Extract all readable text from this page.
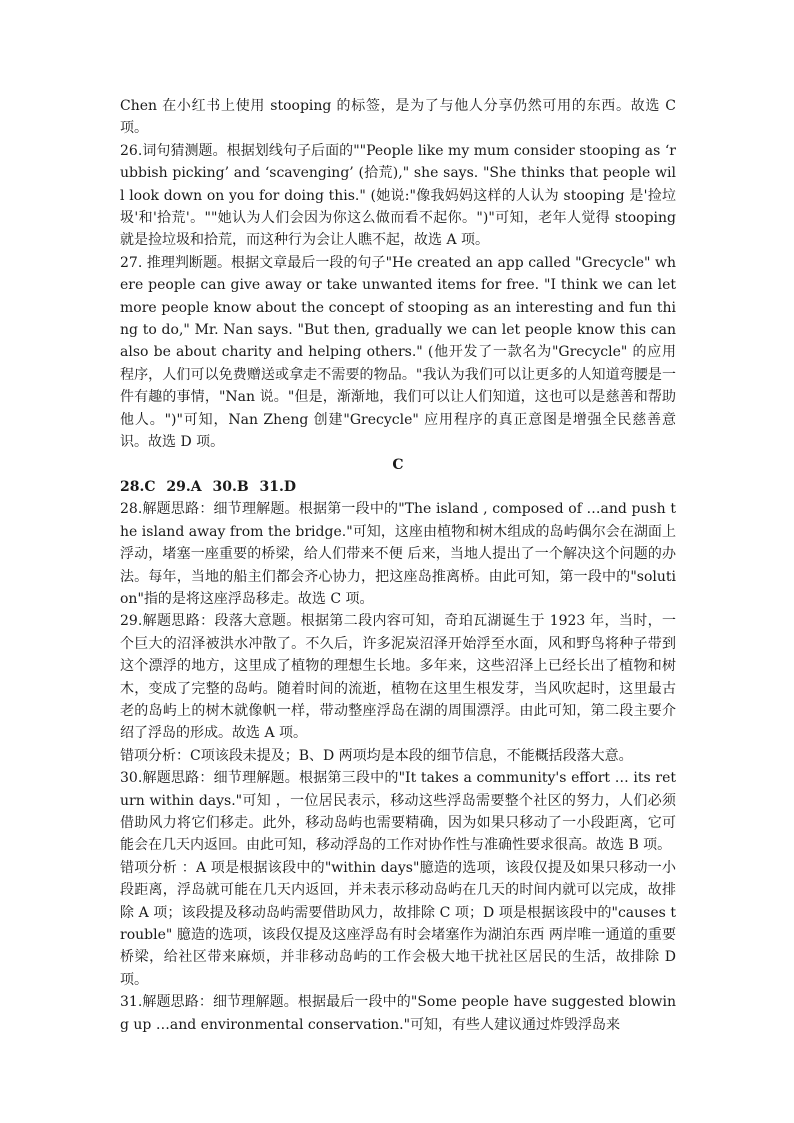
Chen 在小红书上使用 stooping 的标签，是为了与他人分享仍然可用的东西。故选 C项。

26.词句猜测题。根据划线句子后面的""People like my mum consider stooping as ‘rubbish picking’ and ‘scavenging’ (拾荒)," she says. "She thinks that people will look down on you for doing this." (她说:"像我妈妈这样的人认为 stooping 是'捡垃圾'和'拾荒'。""她认为人们会因为你这么做而看不起你。")"可知，老年人觉得 stooping 就是捡垃圾和拾荒，而这种行为会让人瞧不起，故选 A 项。

27. 推理判断题。根据文章最后一段的句子"He created an app called "Grecycle" where people can give away or take unwanted items for free. "I think we can let more people know about the concept of stooping as an interesting and fun thing to do," Mr. Nan says. "But then, gradually we can let people know this can also be about charity and helping others." (他开发了一款名为"Grecycle" 的应用程序，人们可以免费赠送或拿走不需要的物品。"我认为我们可以让更多的人知道弯腰是一件有趣的事情，"Nan 说。"但是，渐渐地，我们可以让人们知道，这也可以是慈善和帮助他人。")"可知，Nan Zheng 创建"Grecycle" 应用程序的真正意图是增强全民慈善意识。故选 D 项。

C

28.C 29.A 30.B 31.D

28.解题思路：细节理解题。根据第一段中的"The island , composed of …and push the island away from the bridge."可知，这座由植物和树木组成的岛屿偶尔会在湖面上浮动，堵塞一座重要的桥梁，给人们带来不便 后来，当地人提出了一个解决这个问题的办法。每年，当地的船主们都会齐心协力，把这座岛推离桥。由此可知，第一段中的"solution"指的是将这座浮岛移走。故选 C 项。

29.解题思路：段落大意题。根据第二段内容可知，奇珀瓦湖诞生于 1923 年，当时，一个巨大的沼泽被洪水冲散了。不久后，许多泥炭沼泽开始浮至水面，风和野鸟将种子带到这个漂浮的地方，这里成了植物的理想生长地。多年来，这些沼泽上已经长出了植物和树木，变成了完整的岛屿。随着时间的流逝，植物在这里生根发芽，当风吹起时，这里最古老的岛屿上的树木就像帆一样，带动整座浮岛在湖的周围漂浮。由此可知，第二段主要介绍了浮岛的形成。故选 A 项。

错项分析：C项该段未提及；B、D 两项均是本段的细节信息，不能概括段落大意。

30.解题思路：细节理解题。根据第三段中的"It takes a community's effort … its return within days."可知 ，一位居民表示，移动这些浮岛需要整个社区的努力，人们必须借助风力将它们移走。此外，移动岛屿也需要精确，因为如果只移动了一小段距离，它可能会在几天内返回。由此可知，移动浮岛的工作对协作性与准确性要求很高。故选 B 项。

错项分析 ：A 项是根据该段中的"within days"臆造的选项，该段仅提及如果只移动一小段距离，浮岛就可能在几天内返回，并未表示移动岛屿在几天的时间内就可以完成，故排除 A 项；该段提及移动岛屿需要借助风力，故排除 C 项；D 项是根据该段中的"causes trouble" 臆造的选项，该段仅提及这座浮岛有时会堵塞作为湖泊东西 两岸唯一通道的重要桥梁，给社区带来麻烦，并非移动岛屿的工作会极大地干扰社区居民的生活，故排除 D 项。

31.解题思路：细节理解题。根据最后一段中的"Some people have suggested blowing up …and environmental conservation."可知，有些人建议通过炸毁浮岛来
